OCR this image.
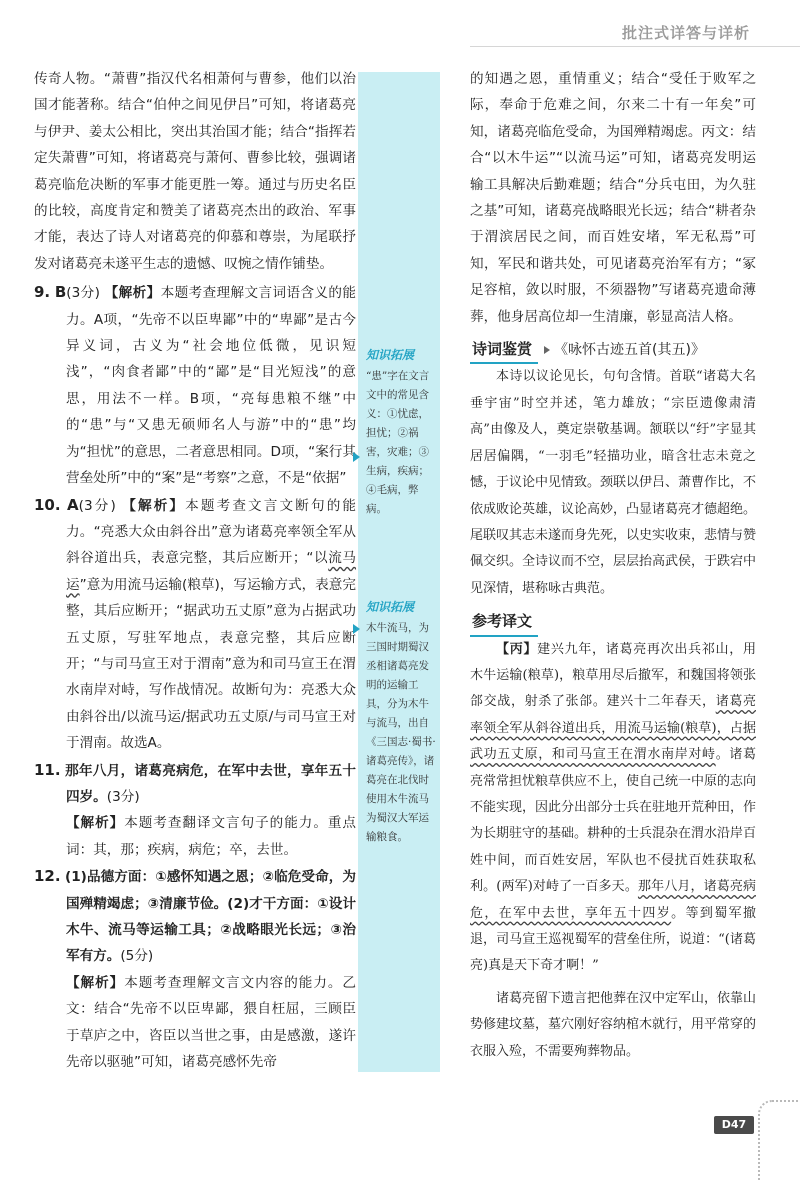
批注式详答与详析

传奇人物。“萧曹”指汉代名相萧何与曹参，他们以治国才能著称。结合“伯仲之间见伊吕”可知，将诸葛亮与伊尹、姜太公相比，突出其治国才能；结合“指挥若定失萧曹”可知，将诸葛亮与萧何、曹参比较，强调诸葛亮临危决断的军事才能更胜一筹。通过与历史名臣的比较，高度肯定和赞美了诸葛亮杰出的政治、军事才能，表达了诗人对诸葛亮的仰慕和尊崇，为尾联抒发对诸葛亮未遂平生志的遗憾、叹惋之情作铺垫。

9. B(3分) 【解析】本题考查理解文言词语含义的能力。A项，“先帝不以臣卑鄙”中的“卑鄙”是古今异义词，古义为“社会地位低微，见识短浅”，“肉食者鄙”中的“鄙”是“目光短浅”的意思，用法不一样。B项，“亮每患粮不继”中的“患”与“又患无硕师名人与游”中的“患”均为“担忧”的意思，二者意思相同。D项，“案行其营垒处所”中的“案”是“考察”之意，不是“依据”

10. A(3分) 【解析】本题考查文言文断句的能力。“亮悉大众由斜谷出”意为诸葛亮率领全军从斜谷道出兵，表意完整，其后应断开；“以流马运”意为用流马运输(粮草)，写运输方式，表意完整，其后应断开；“据武功五丈原”意为占据武功五丈原，写驻军地点，表意完整，其后应断开；“与司马宣王对于渭南”意为和司马宣王在渭水南岸对峙，写作战情况。故断句为：亮悉大众由斜谷出/以流马运/据武功五丈原/与司马宣王对于渭南。故选A。

11. 那年八月，诸葛亮病危，在军中去世，享年五十四岁。(3分)

【解析】本题考查翻译文言句子的能力。重点词：其，那；疾病，病危；卒，去世。

12. (1)品德方面：①感怀知遇之恩；②临危受命，为国殚精竭虑；③清廉节俭。(2)才干方面：①设计木牛、流马等运输工具；②战略眼光长远；③治军有方。(5分)

【解析】本题考查理解文言文内容的能力。乙文：结合“先帝不以臣卑鄙，猥自枉屈，三顾臣于草庐之中，咨臣以当世之事，由是感激，遂许先帝以驱驰”可知，诸葛亮感怀先帝

知识拓展
“患”字在文言文中的常见含义：①忧虑，担忧；②祸害，灾难；③生病，疾病；④毛病，弊病。
知识拓展
木牛流马，为三国时期蜀汉丞相诸葛亮发明的运输工具，分为木牛与流马，出自《三国志·蜀书·诸葛亮传》，诸葛亮在北伐时使用木牛流马为蜀汉大军运输粮食。

的知遇之恩，重情重义；结合“受任于败军之际，奉命于危难之间，尔来二十有一年矣”可知，诸葛亮临危受命，为国殚精竭虑。丙文：结合“以木牛运”“以流马运”可知，诸葛亮发明运输工具解决后勤难题；结合“分兵屯田，为久驻之基”可知，诸葛亮战略眼光长远；结合“耕者杂于渭滨居民之间，而百姓安堵，军无私焉”可知，军民和谐共处，可见诸葛亮治军有方；“冢足容棺，敛以时服，不须器物”写诸葛亮遗命薄葬，他身居高位却一生清廉，彰显高洁人格。

诗词鉴赏	《咏怀古迹五首(其五)》

本诗以议论见长，句句含情。首联“诸葛大名垂宇宙”时空并述，笔力雄放；“宗臣遗像肃清高”由像及人，奠定崇敬基调。颔联以“纡”字显其居居偏隅，“一羽毛”轻描功业，暗含壮志未竟之憾，于议论中见情致。颈联以伊吕、萧曹作比，不依成败论英雄，议论高妙，凸显诸葛亮才德超绝。尾联叹其志未遂而身先死，以史实收束，悲情与赞佩交织。全诗议而不空，层层抬高武侯，于跌宕中见深情，堪称咏古典范。

参考译文

【丙】建兴九年，诸葛亮再次出兵祁山，用木牛运输(粮草)，粮草用尽后撤军，和魏国将领张郃交战，射杀了张郃。建兴十二年春天，诸葛亮率领全军从斜谷道出兵，用流马运输(粮草)，占据武功五丈原，和司马宣王在渭水南岸对峙。诸葛亮常常担忧粮草供应不上，使自己统一中原的志向不能实现，因此分出部分士兵在驻地开荒种田，作为长期驻守的基础。耕种的士兵混杂在渭水沿岸百姓中间，而百姓安居，军队也不侵扰百姓获取私利。(两军)对峙了一百多天。那年八月，诸葛亮病危，在军中去世，享年五十四岁。等到蜀军撤退，司马宣王巡视蜀军的营垒住所，说道：“(诸葛亮)真是天下奇才啊！”

诸葛亮留下遗言把他葬在汉中定军山，依靠山势修建坟墓，墓穴刚好容纳棺木就行，用平常穿的衣服入殓，不需要殉葬物品。

D47
